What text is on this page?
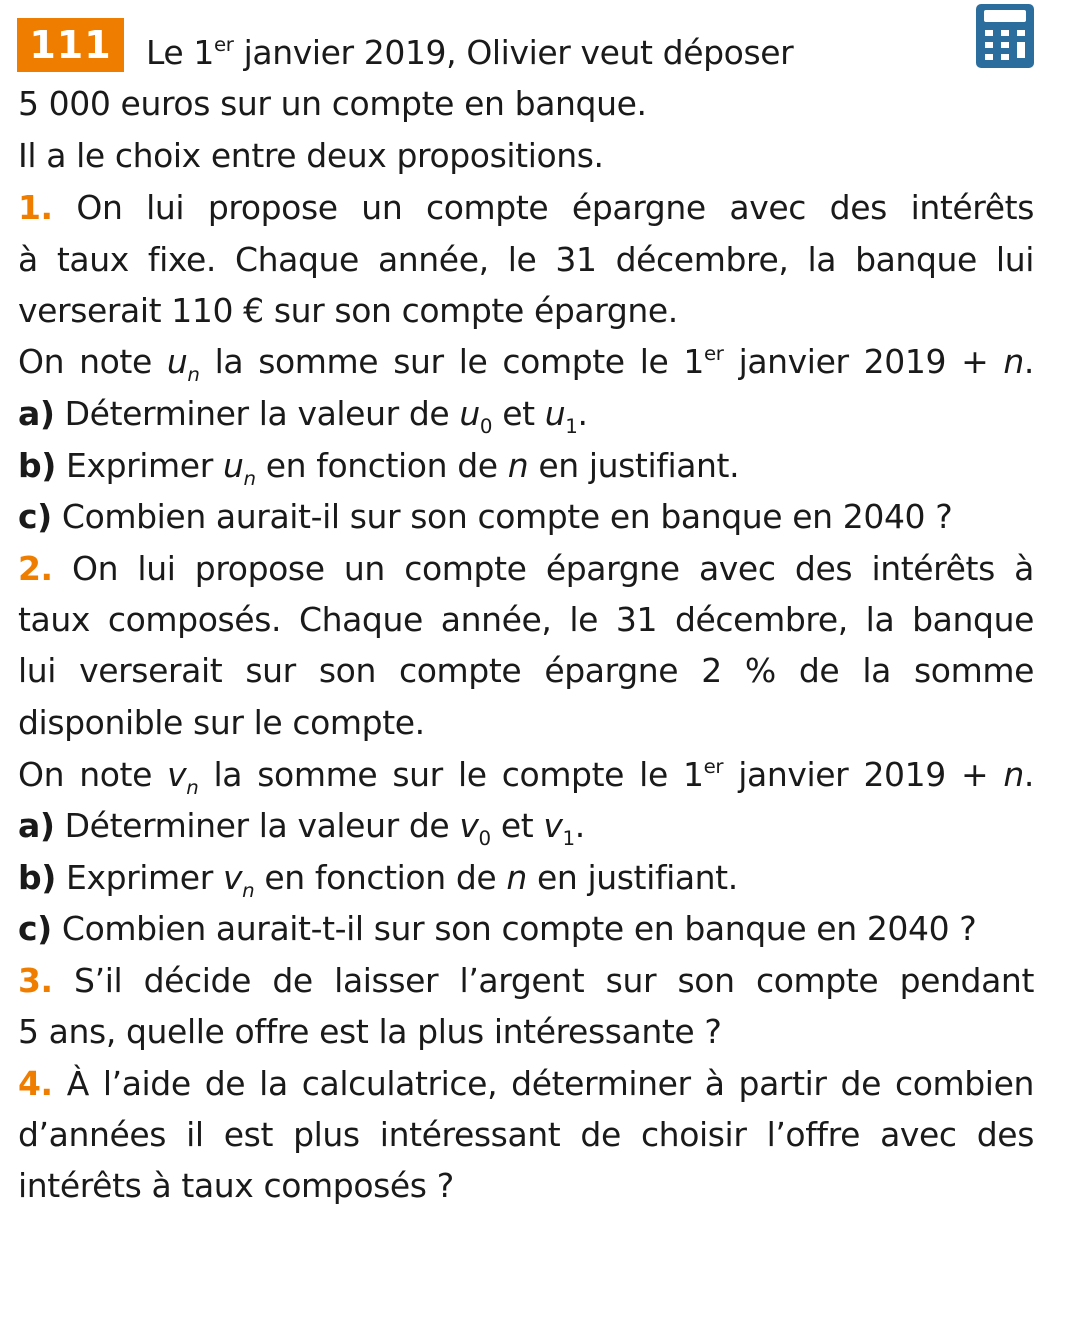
111	Le 1er janvier 2019, Olivier veut déposer
5 000 euros sur un compte en banque.
Il a le choix entre deux propositions.
1. On lui propose un compte épargne avec des intérêts
à taux fixe. Chaque année, le 31 décembre, la banque lui
verserait 110 € sur son compte épargne.
On note $u_n$ la somme sur le compte le 1er janvier 2019 + n.
a) Déterminer la valeur de $u_0$ et $u_1$.
b) Exprimer $u_n$ en fonction de n en justifiant.
c) Combien aurait-il sur son compte en banque en 2040 ?
2. On lui propose un compte épargne avec des intérêts à
taux composés. Chaque année, le 31 décembre, la banque
lui verserait sur son compte épargne 2 % de la somme
disponible sur le compte.
On note $v_n$ la somme sur le compte le 1er janvier 2019 + n.
a) Déterminer la valeur de $v_0$ et $v_1$.
b) Exprimer $v_n$ en fonction de n en justifiant.
c) Combien aurait-t-il sur son compte en banque en 2040 ?
3. S’il décide de laisser l’argent sur son compte pendant
5 ans, quelle offre est la plus intéressante ?
4. À l’aide de la calculatrice, déterminer à partir de combien
d’années il est plus intéressant de choisir l’offre avec des
intérêts à taux composés ?
